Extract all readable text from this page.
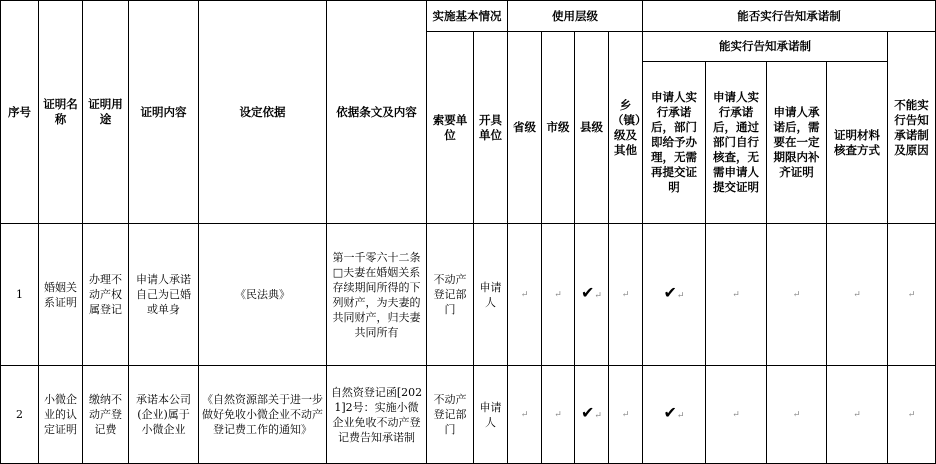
序号	证明名称	证明用途	证明内容	设定依据	依据条文及内容	实施基本情况		使用层级				能否实行告知承诺制				
						索要单位	开具单位	省级	市级	县级	乡（镇）级及其他	能实行告知承诺制				不能实行告知承诺制及原因
												申请人实行承诺后，部门即给予办理，无需再提交证明	申请人实行承诺后，通过部门自行核查，无需申请人提交证明	申请人承诺后，需要在一定期限内补齐证明	证明材料核查方式	
1	婚姻关系证明	办理不动产权属登记	申请人承诺自己为已婚或单身	《民法典》	第一千零六十二条□夫妻在婚姻关系存续期间所得的下列财产，为夫妻的共同财产，归夫妻共同所有	不动产登记部门	申请人	↵	↵	✔↵	↵	✔↵	↵	↵	↵	↵
2	小微企业的认定证明	缴纳不动产登记费	承诺本公司(企业)属于小微企业	《自然资源部关于进一步做好免收小微企业不动产登记费工作的通知》	自然资登记函[2021]2号：实施小微企业免收不动产登记费告知承诺制	不动产登记部门	申请人	↵	↵	✔↵	↵	✔↵	↵	↵	↵	↵
